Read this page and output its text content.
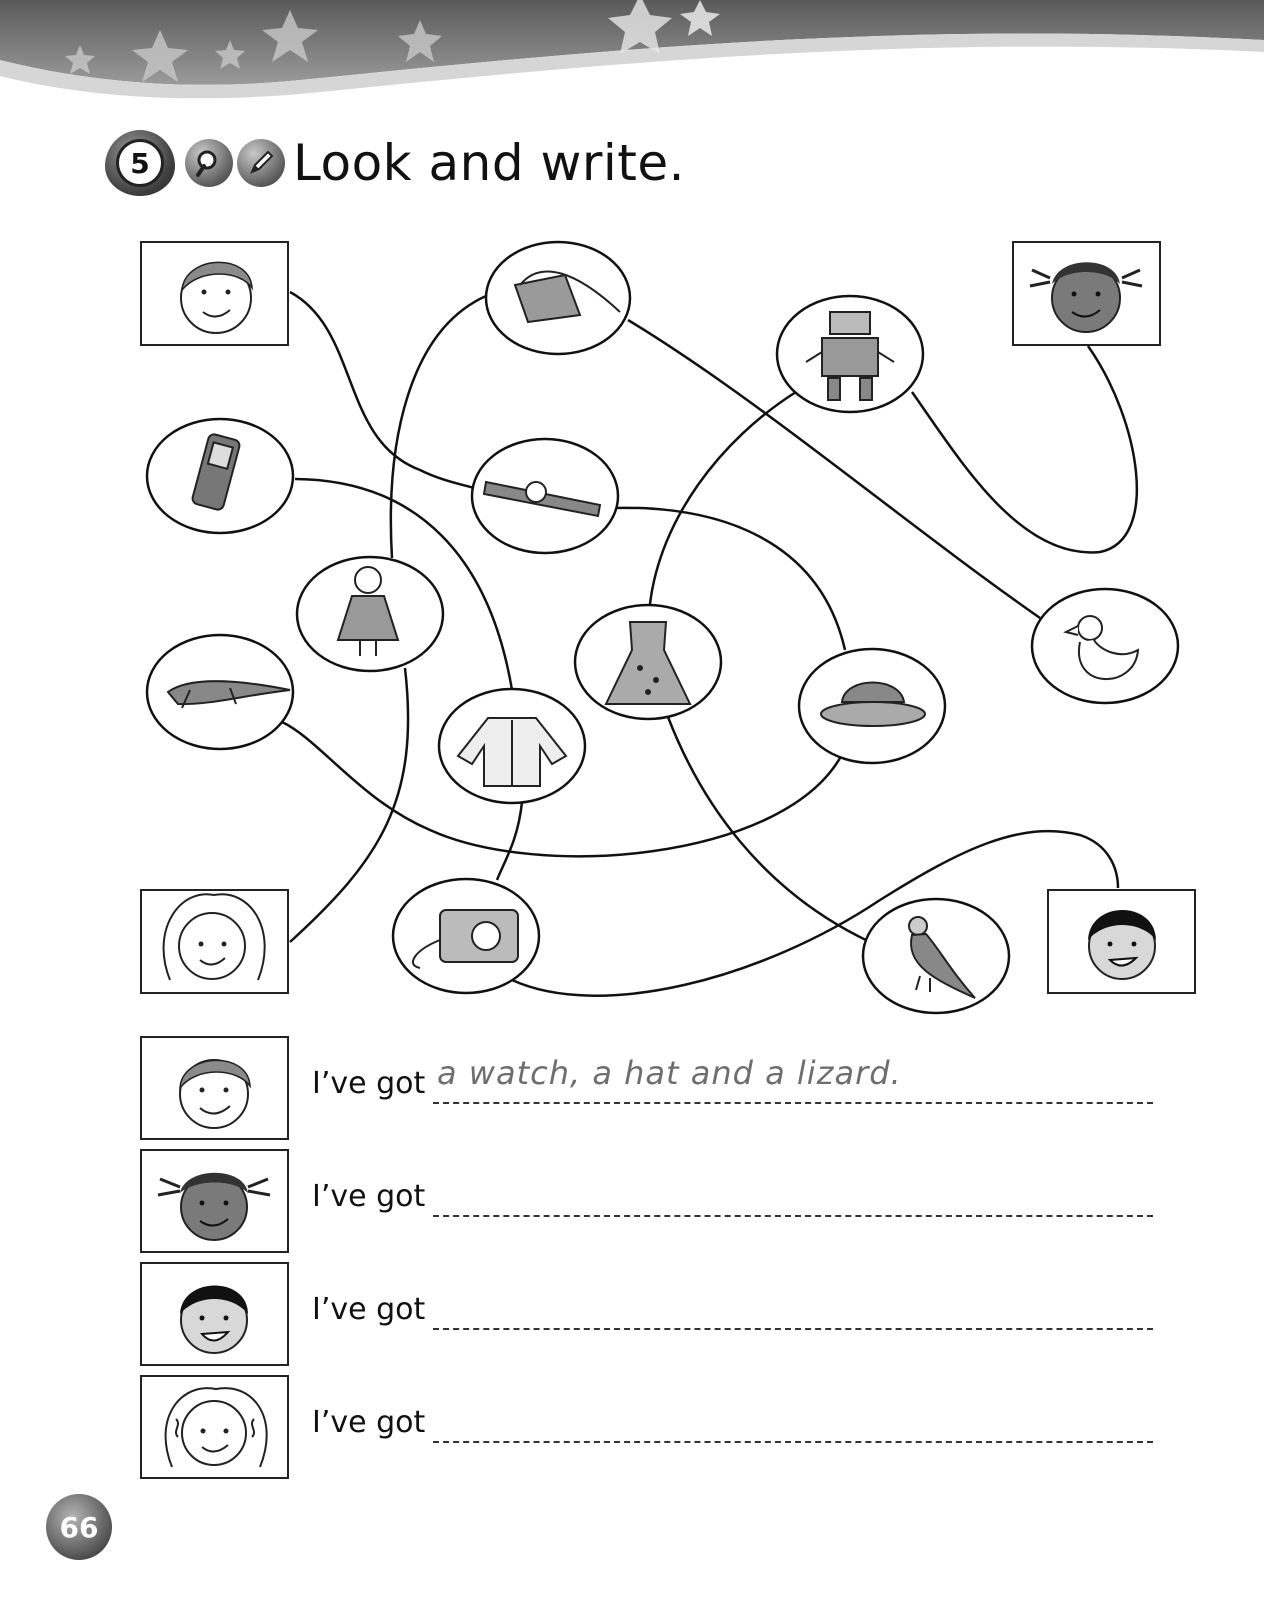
5	Look and write.
I’ve got a watch, a hat and a lizard.
I’ve got
I’ve got
I’ve got
66
